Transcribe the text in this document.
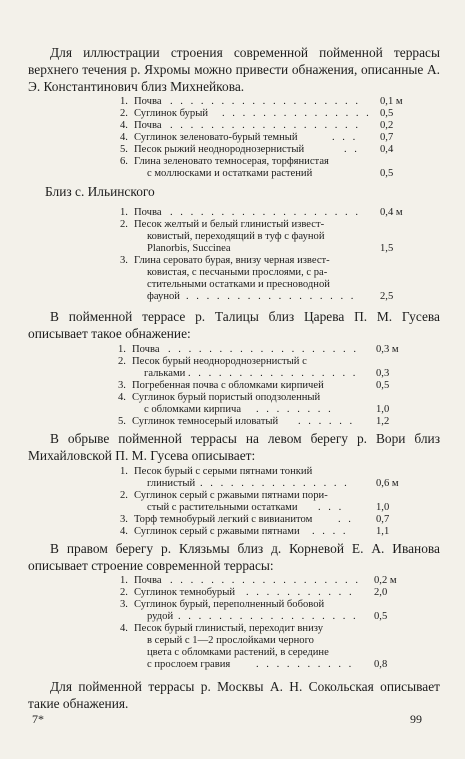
Для иллюстрации строения современной пойменной террасы верхнего течения р. Яхромы можно привести обнажения, описанные А. Э. Константинович близ Михнейкова.
1. Почва . . . . . . . . . . . . . . . . . . . 0,1 м
2. Суглинок бурый . . . . . . . . . . . . . . . 0,5
4. Почва . . . . . . . . . . . . . . . . . . . 0,2
4. Суглинок зеленовато-бурый темный	. . . 0,7
5. Песок рыжий неоднороднозернистый	. . 0,4
6. Глина зеленовато темносерая, торфянистая
с моллюсками и остатками растений	0,5
Близ с. Ильинского
1. Почва . . . . . . . . . . . . . . . . . . . 0,4 м
2. Песок желтый и белый глинистый извест-
ковистый, переходящий в туф с фауной
Planorbis, Succinea	1,5
3. Глина серовато бурая, внизу черная извест-
ковистая, с песчаными прослоями, с ра-
стительными остатками и пресноводной
фауной . . . . . . . . . . . . . . . . . 2,5
В пойменной террасе р. Талицы близ Царева П. М. Гусева описывает такое обнажение:
1. Почва . . . . . . . . . . . . . . . . . . . 0,3 м
2. Песок бурый неоднороднозернистый с
гальками . . . . . . . . . . . . . . . . . 0,3
3. Погребенная почва с обломками кирпичей	0,5
4. Суглинок бурый пористый оподзоленный
с обломками кирпича . . . . . . . .	1,0
5. Суглинок темносерый иловатый . . . . . . 1,2
В обрыве пойменной террасы на левом берегу р. Вори близ Михайловской П. М. Гусева описывает:
1. Песок бурый с серыми пятнами тонкий
глинистый . . . . . . . . . . . . . . .	0,6 м
2. Суглинок серый с ржавыми пятнами пори-
стый с растительными остатками . . .	1,0
3. Торф темнобурый легкий с вивианитом . . 0,7
4. Суглинок серый с ржавыми пятнами . . . .	1,1
В правом берегу р. Клязьмы близ д. Корневой Е. А. Иванова описывает строение современной террасы:
1. Почва . . . . . . . . . . . . . . . . . . . 0,2 м
2. Суглинок темнобурый . . . . . . . . . . . 2,0
3. Суглинок бурый, переполненный бобовой
рудой . . . . . . . . . . . . . . . . . . 0,5
4. Песок бурый глинистый, переходит внизу
в серый с 1—2 прослойками черного
цвета с обломками растений, в середине
с прослоем гравия . . . . . . . . . . 0,8
Для пойменной террасы р. Москвы А. Н. Сокольская описывает такие обнажения.
7*	99
